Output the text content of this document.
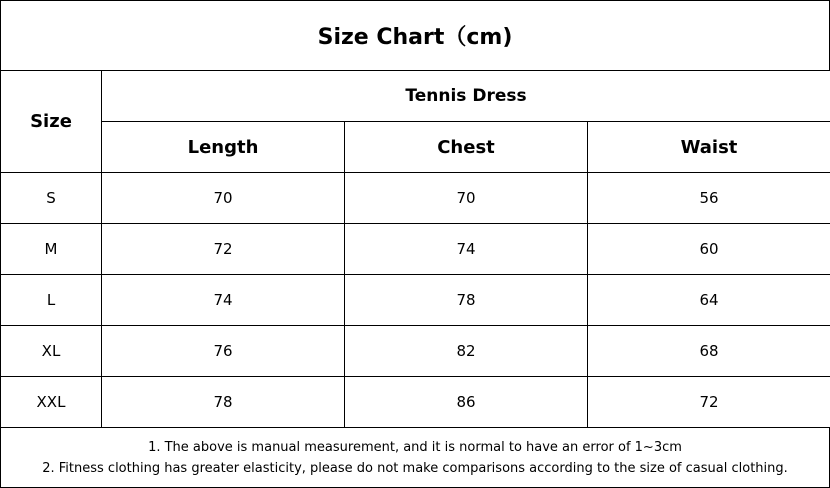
Size Chart（cm)
Size	Tennis Dress		
	Length	Chest	Waist
S	70	70	56
M	72	74	60
L	74	78	64
XL	76	82	68
XXL	78	86	72
1. The above is manual measurement, and it is normal to have an error of 1~3cm
2. Fitness clothing has greater elasticity, please do not make comparisons according to the size of casual clothing.
